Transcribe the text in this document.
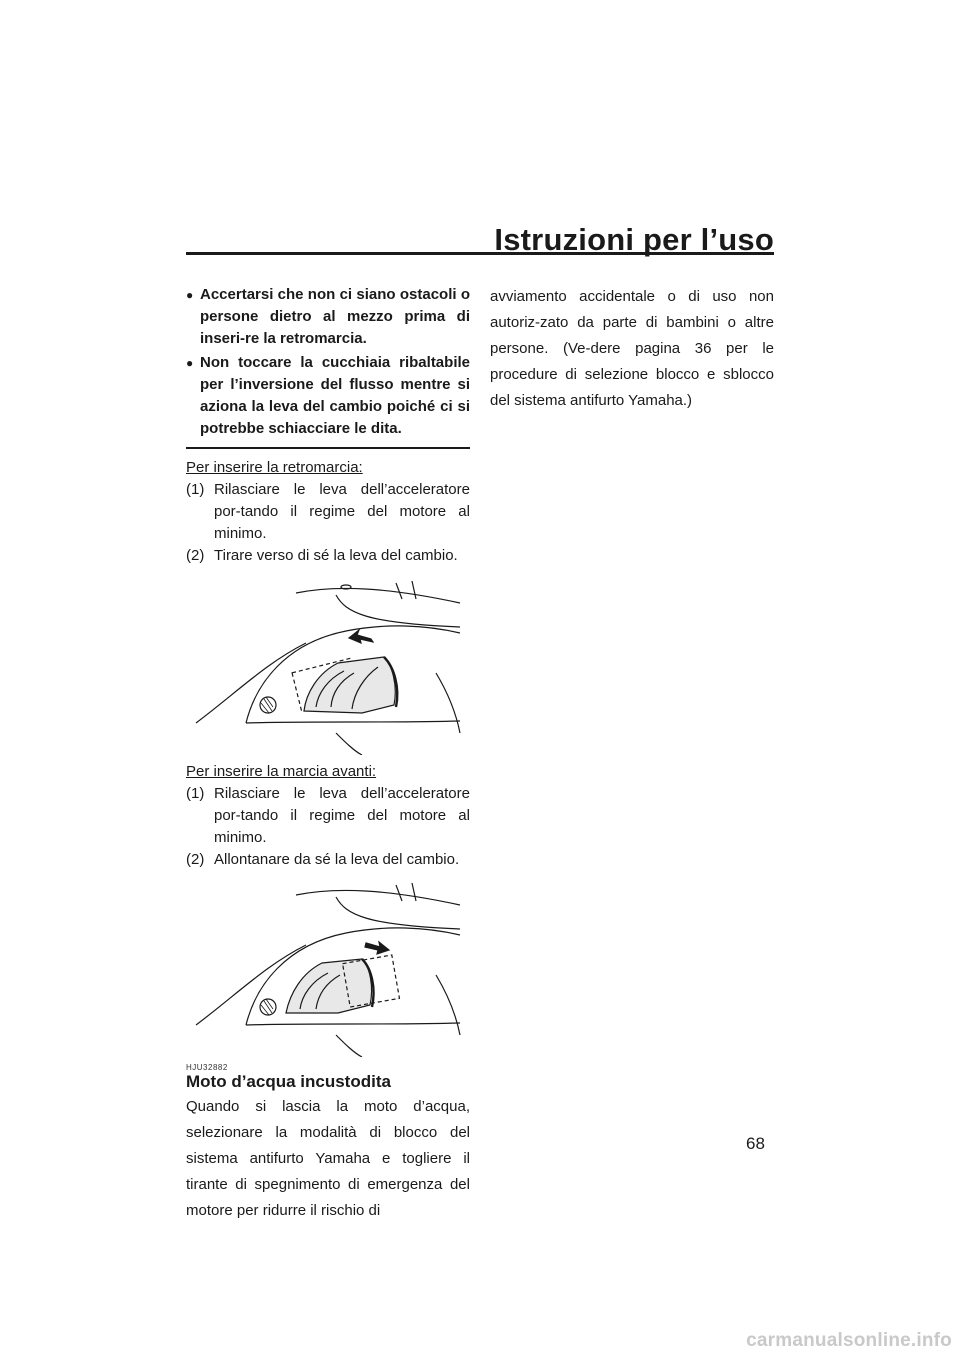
Istruzioni per l’uso
● Accertarsi che non ci siano ostacoli o persone dietro al mezzo prima di inseri-re la retromarcia.
● Non toccare la cucchiaia ribaltabile per l’inversione del flusso mentre si aziona la leva del cambio poiché ci si potrebbe schiacciare le dita.
Per inserire la retromarcia:
(1) Rilasciare le leva dell’acceleratore por-tando il regime del motore al minimo.
(2) Tirare verso di sé la leva del cambio.
Per inserire la marcia avanti:
(1) Rilasciare le leva dell’acceleratore por-tando il regime del motore al minimo.
(2) Allontanare da sé la leva del cambio.
HJU32882
Moto d’acqua incustodita

Quando si lascia la moto d’acqua, selezionare la modalità di blocco del sistema antifurto Yamaha e togliere il tirante di spegnimento di emergenza del motore per ridurre il rischio di

avviamento accidentale o di uso non autoriz-zato da parte di bambini o altre persone. (Ve-dere pagina 36 per le procedure di selezione blocco e sblocco del sistema antifurto Yamaha.)

68
carmanualsonline.info
